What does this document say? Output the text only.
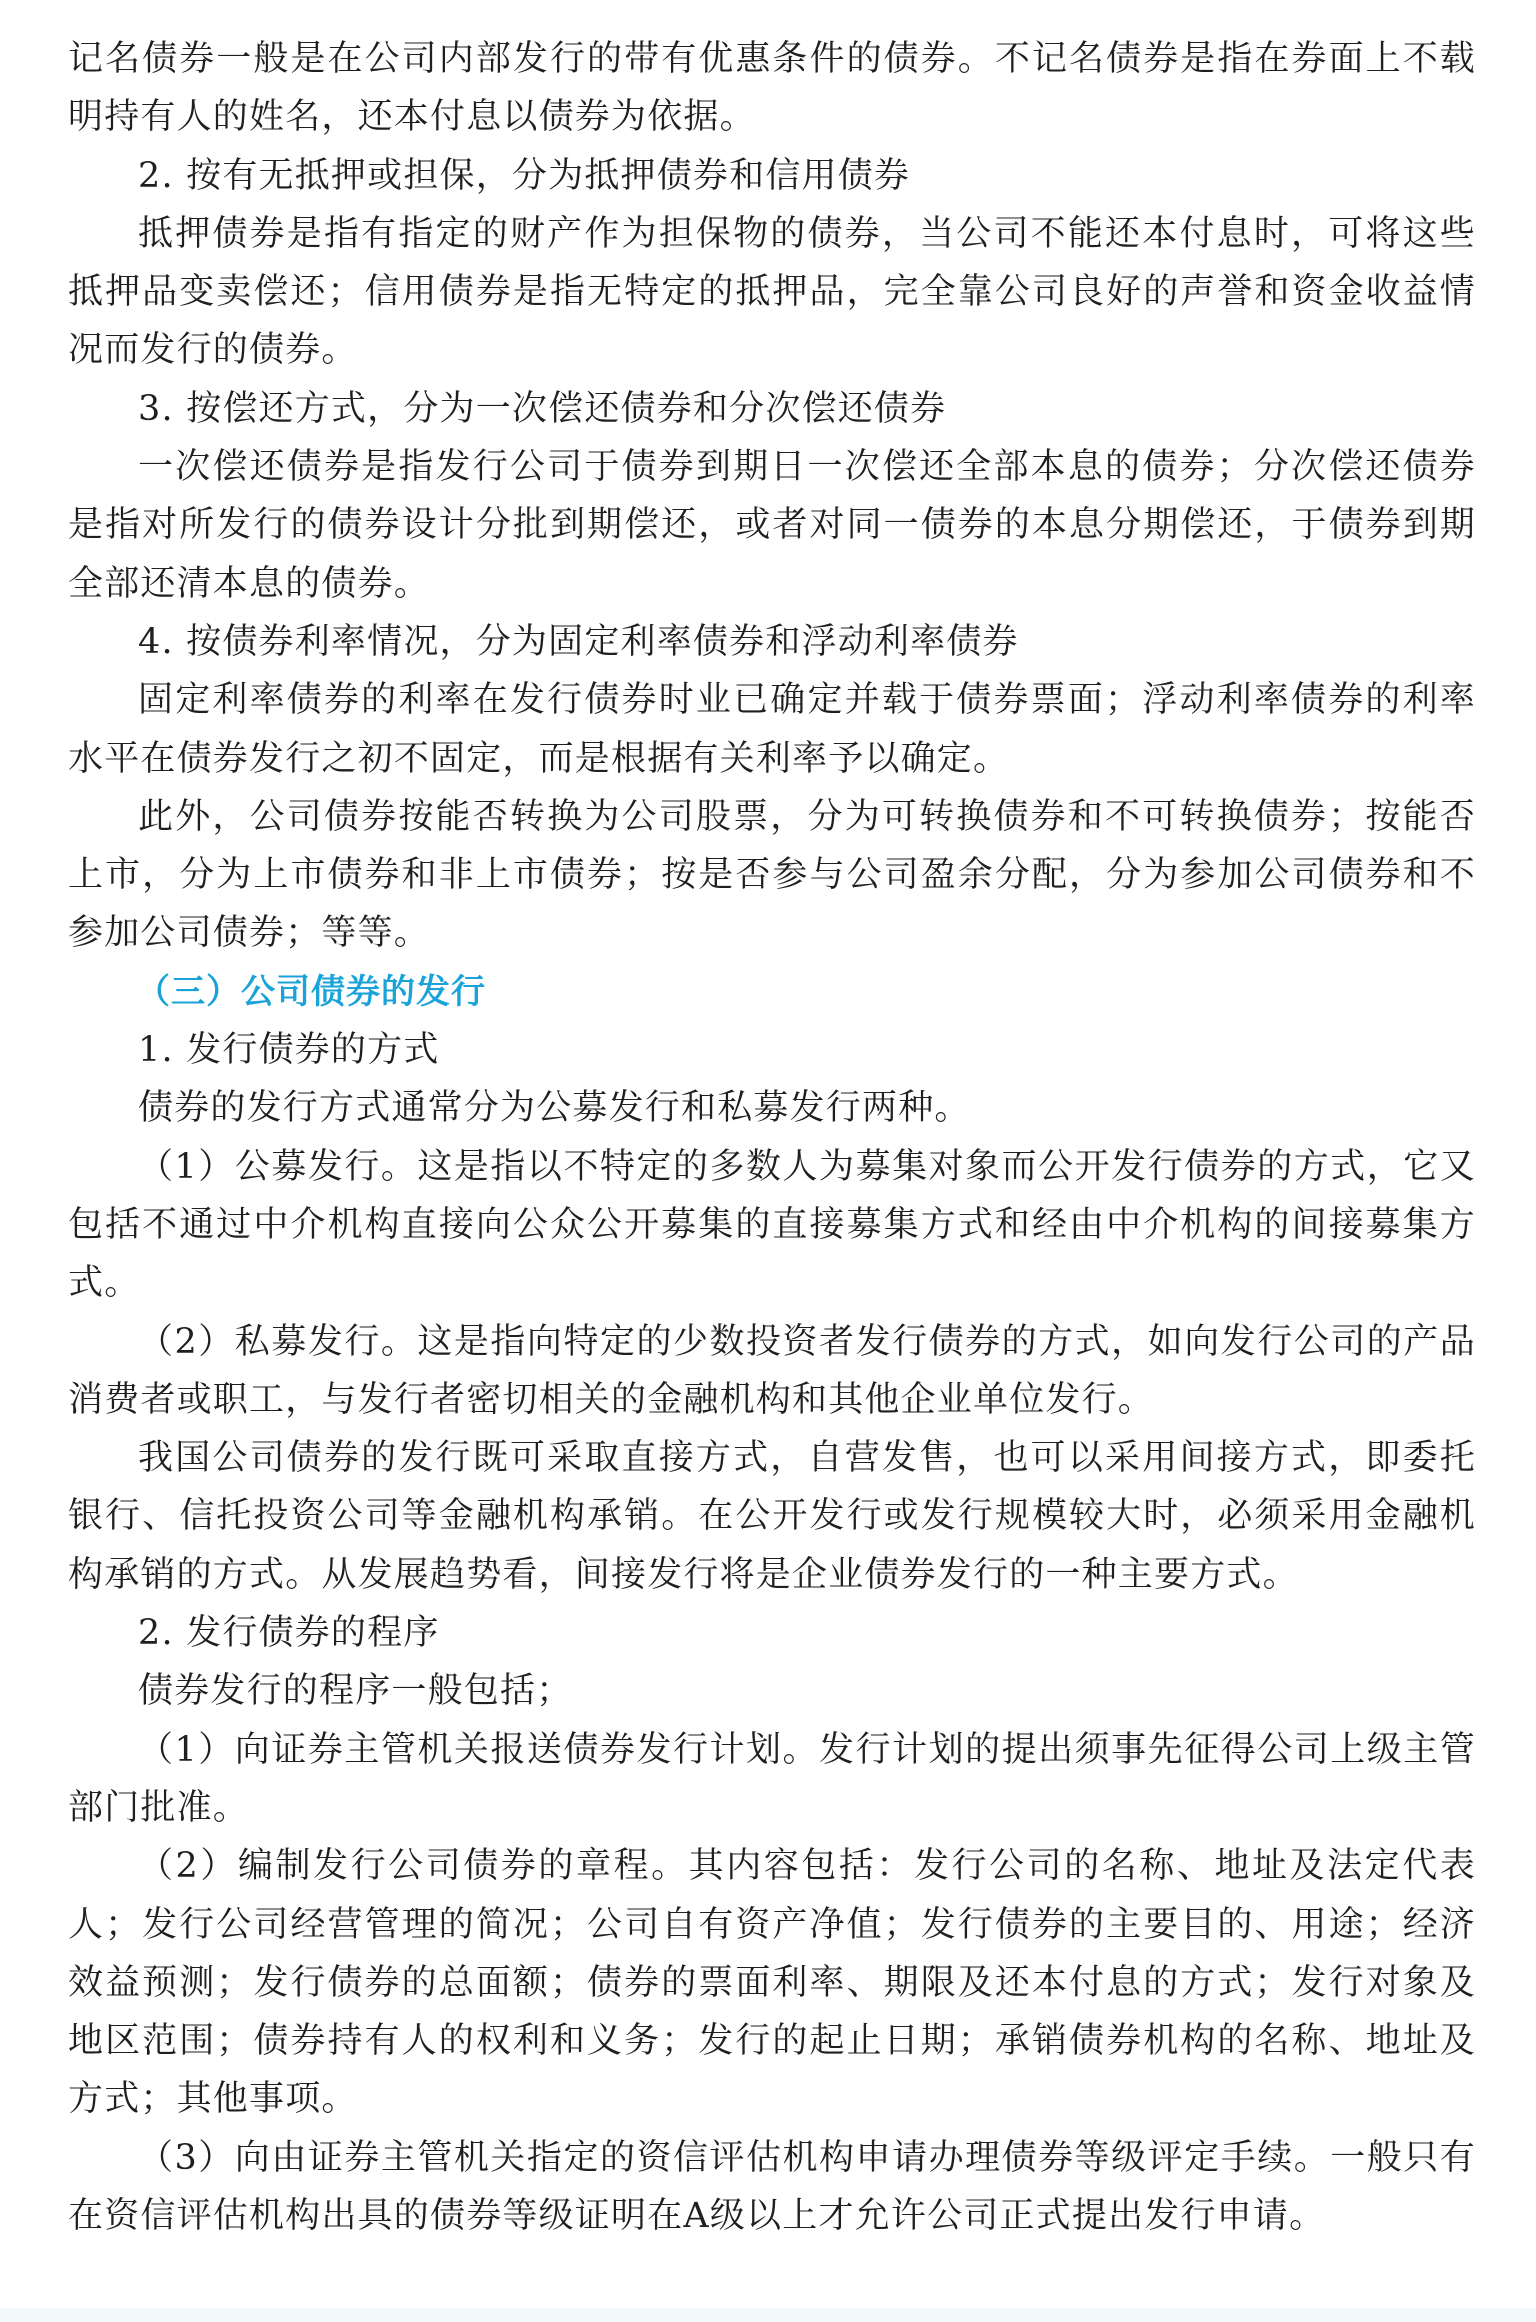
记名债券一般是在公司内部发行的带有优惠条件的债券。不记名债券是指在券面上不载明持有人的姓名，还本付息以债券为依据。

2. 按有无抵押或担保，分为抵押债券和信用债券

抵押债券是指有指定的财产作为担保物的债券，当公司不能还本付息时，可将这些抵押品变卖偿还；信用债券是指无特定的抵押品，完全靠公司良好的声誉和资金收益情况而发行的债券。

3. 按偿还方式，分为一次偿还债券和分次偿还债券

一次偿还债券是指发行公司于债券到期日一次偿还全部本息的债券；分次偿还债券是指对所发行的债券设计分批到期偿还，或者对同一债券的本息分期偿还，于债券到期全部还清本息的债券。

4. 按债券利率情况，分为固定利率债券和浮动利率债券

固定利率债券的利率在发行债券时业已确定并载于债券票面；浮动利率债券的利率水平在债券发行之初不固定，而是根据有关利率予以确定。

此外，公司债券按能否转换为公司股票，分为可转换债券和不可转换债券；按能否上市，分为上市债券和非上市债券；按是否参与公司盈余分配，分为参加公司债券和不参加公司债券；等等。

（三）公司债券的发行

1. 发行债券的方式

债券的发行方式通常分为公募发行和私募发行两种。

（1）公募发行。这是指以不特定的多数人为募集对象而公开发行债券的方式，它又包括不通过中介机构直接向公众公开募集的直接募集方式和经由中介机构的间接募集方式。

（2）私募发行。这是指向特定的少数投资者发行债券的方式，如向发行公司的产品消费者或职工，与发行者密切相关的金融机构和其他企业单位发行。

我国公司债券的发行既可采取直接方式，自营发售，也可以采用间接方式，即委托银行、信托投资公司等金融机构承销。在公开发行或发行规模较大时，必须采用金融机构承销的方式。从发展趋势看，间接发行将是企业债券发行的一种主要方式。

2. 发行债券的程序

债券发行的程序一般包括；

（1）向证券主管机关报送债券发行计划。发行计划的提出须事先征得公司上级主管部门批准。

（2）编制发行公司债券的章程。其内容包括：发行公司的名称、地址及法定代表人；发行公司经营管理的简况；公司自有资产净值；发行债券的主要目的、用途；经济效益预测；发行债券的总面额；债券的票面利率、期限及还本付息的方式；发行对象及地区范围；债券持有人的权利和义务；发行的起止日期；承销债券机构的名称、地址及方式；其他事项。

（3）向由证券主管机关指定的资信评估机构申请办理债券等级评定手续。一般只有在资信评估机构出具的债券等级证明在A级以上才允许公司正式提出发行申请。
